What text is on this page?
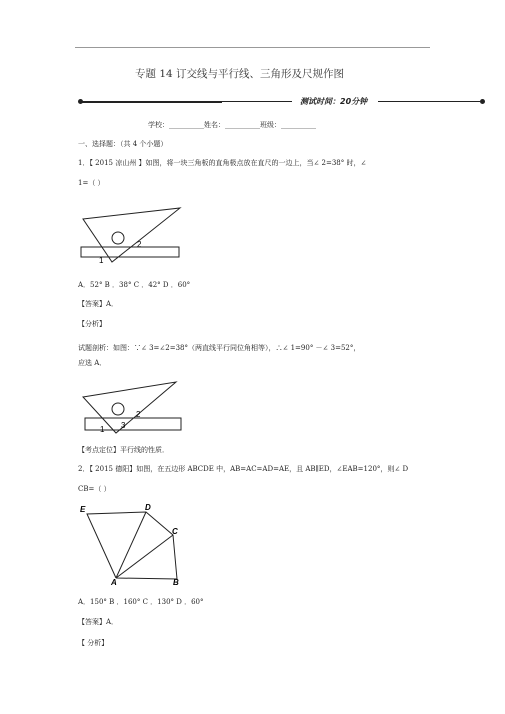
专题 14 订交线与平行线、三角形及尺规作图
测试时间：20分钟
学校：__________姓名：__________班级：__________
一、选择题：（共 4 个小题）
1．【 2015 凉山州 】如图，将一块三角板的直角极点放在直尺的一边上，当∠ 2=38° 时，∠
1=（ ）
1
2
A．52° B ．38° C ．42° D ．60°
【答案】A．
【分析】
试题剖析：如图：∵∠ 3=∠2=38°（两直线平行同位角相等），∴∠ 1=90° －∠ 3=52°，
应选 A．
1 3
2
【考点定位】平行线的性质．
2．【 2015 德阳】如图，在五边形 ABCDE 中，AB=AC=AD=AE，且 AB∥ED，∠EAB=120°，则∠ D
CB=（ ）
E	D
C
A	B
A．150° B ．160° C ．130° D ．60°
【答案】A．
【 分析】
